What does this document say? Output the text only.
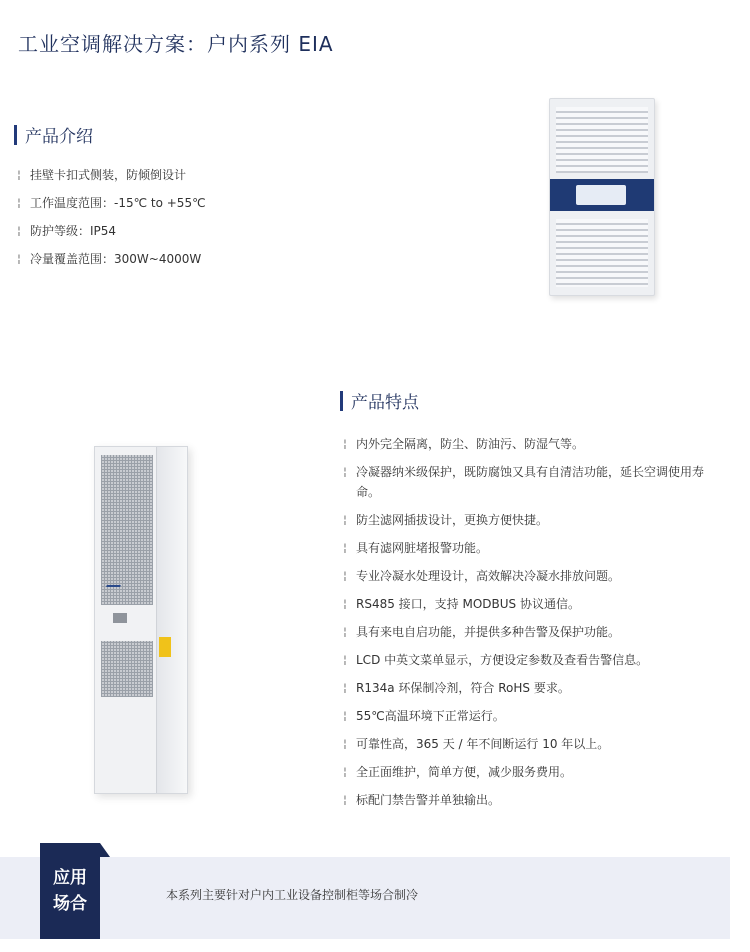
工业空调解决方案：户内系列 EIA
产品介绍
¦ 挂壁卡扣式侧装，防倾倒设计
¦ 工作温度范围：-15℃ to +55℃
¦ 防护等级：IP54
¦ 冷量覆盖范围：300W~4000W
产品特点
¦ 内外完全隔离，防尘、防油污、防湿气等。
¦ 冷凝器纳米级保护，既防腐蚀又具有自清洁功能，延长空调使用寿命。
¦ 防尘滤网插拔设计，更换方便快捷。
¦ 具有滤网脏堵报警功能。
¦ 专业冷凝水处理设计，高效解决冷凝水排放问题。
¦ RS485 接口，支持 MODBUS 协议通信。
¦ 具有来电自启功能，并提供多种告警及保护功能。
¦ LCD 中英文菜单显示，方便设定参数及查看告警信息。
¦ R134a 环保制冷剂，符合 RoHS 要求。
¦ 55℃高温环境下正常运行。
¦ 可靠性高，365 天 / 年不间断运行 10 年以上。
¦ 全正面维护，简单方便，减少服务费用。
¦ 标配门禁告警并单独输出。
应用
场合	本系列主要针对户内工业设备控制柜等场合制冷
